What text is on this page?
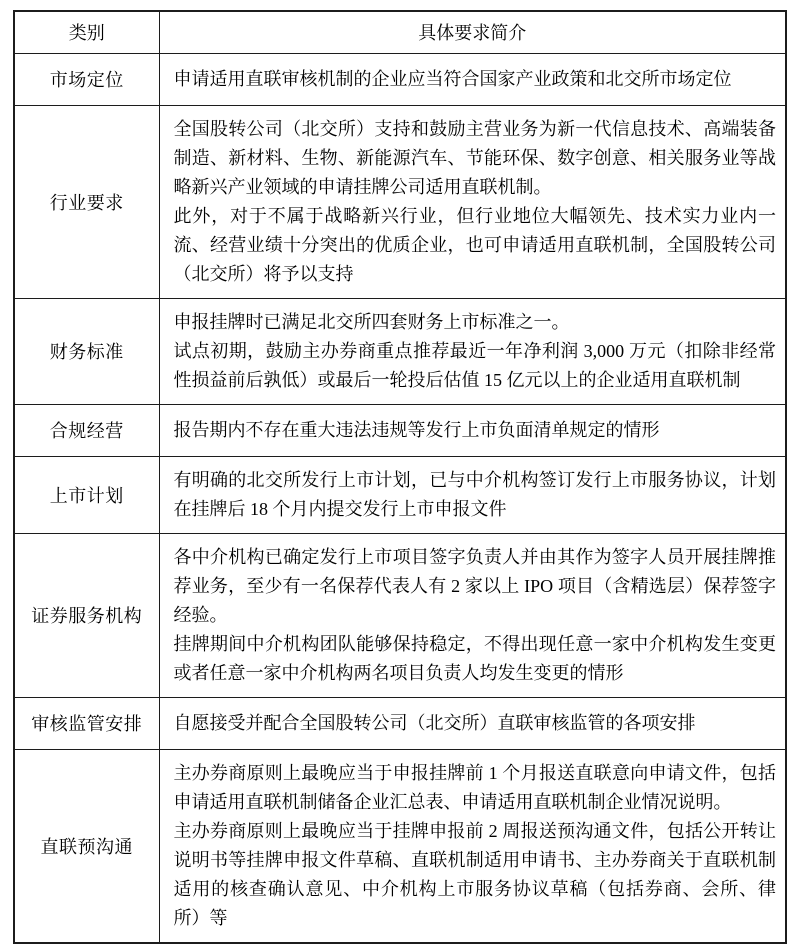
类别	具体要求简介
市场定位	申请适用直联审核机制的企业应当符合国家产业政策和北交所市场定位

行业要求	全国股转公司（北交所）支持和鼓励主营业务为新一代信息技术、高端装备制造、新材料、生物、新能源汽车、节能环保、数字创意、相关服务业等战略新兴产业领域的申请挂牌公司适用直联机制。

此外，对于不属于战略新兴行业，但行业地位大幅领先、技术实力业内一流、经营业绩十分突出的优质企业，也可申请适用直联机制，全国股转公司（北交所）将予以支持

财务标准	申报挂牌时已满足北交所四套财务上市标准之一。

试点初期，鼓励主办券商重点推荐最近一年净利润 3,000 万元（扣除非经常性损益前后孰低）或最后一轮投后估值 15 亿元以上的企业适用直联机制

合规经营	报告期内不存在重大违法违规等发行上市负面清单规定的情形

上市计划	有明确的北交所发行上市计划，已与中介机构签订发行上市服务协议，计划在挂牌后 18 个月内提交发行上市申报文件

证券服务机构	各中介机构已确定发行上市项目签字负责人并由其作为签字人员开展挂牌推荐业务，至少有一名保荐代表人有 2 家以上 IPO 项目（含精选层）保荐签字经验。

挂牌期间中介机构团队能够保持稳定，不得出现任意一家中介机构发生变更或者任意一家中介机构两名项目负责人均发生变更的情形

审核监管安排	自愿接受并配合全国股转公司（北交所）直联审核监管的各项安排

直联预沟通	主办券商原则上最晚应当于申报挂牌前 1 个月报送直联意向申请文件，包括申请适用直联机制储备企业汇总表、申请适用直联机制企业情况说明。

主办券商原则上最晚应当于挂牌申报前 2 周报送预沟通文件，包括公开转让说明书等挂牌申报文件草稿、直联机制适用申请书、主办券商关于直联机制适用的核查确认意见、中介机构上市服务协议草稿（包括券商、会所、律所）等
